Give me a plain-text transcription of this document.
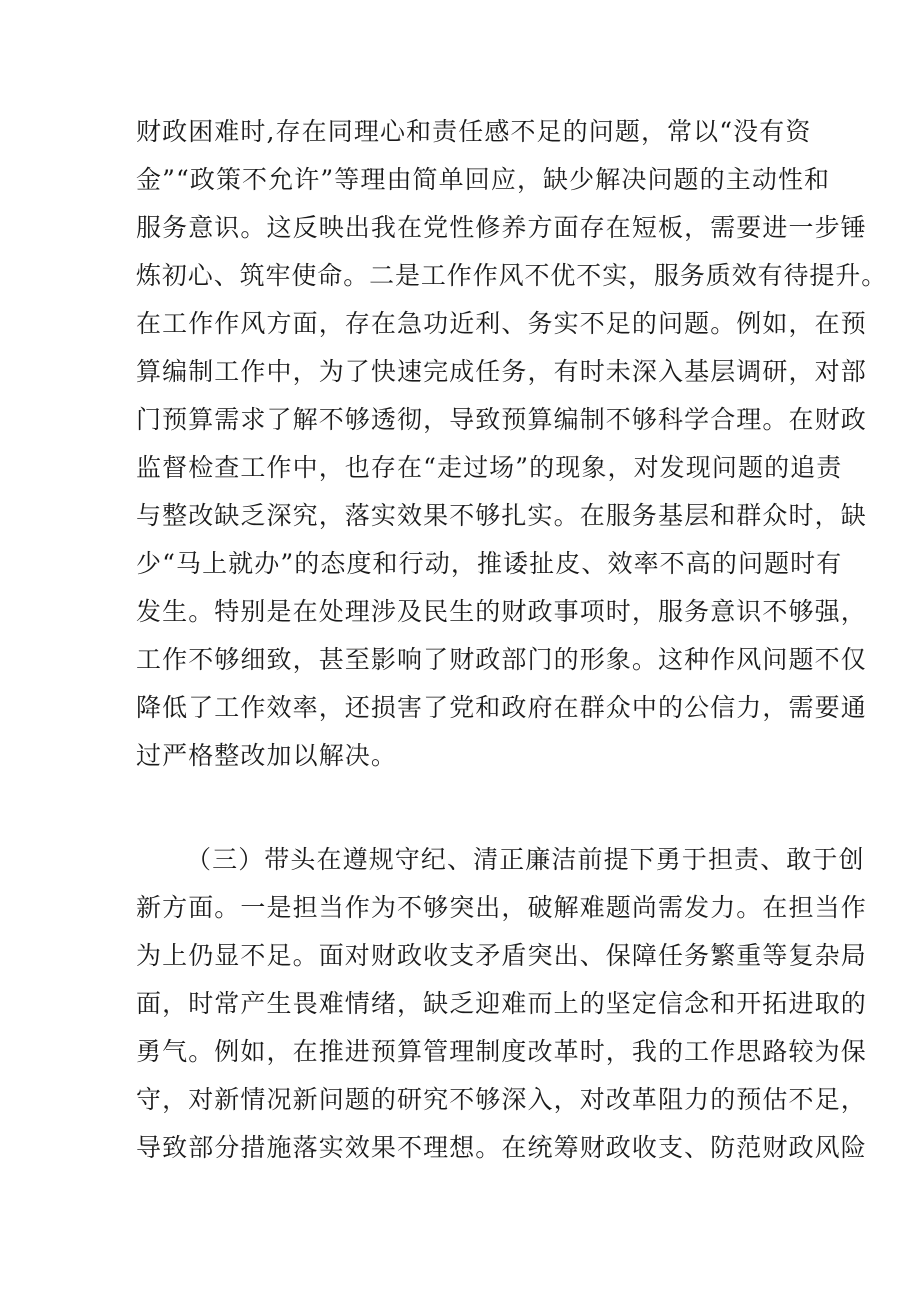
财政困难时,存在同理心和责任感不足的问题，常以“没有资
金”“政策不允许”等理由简单回应，缺少解决问题的主动性和
服务意识。这反映出我在党性修养方面存在短板，需要进一步锤
炼初心、筑牢使命。二是工作作风不优不实，服务质效有待提升。
在工作作风方面，存在急功近利、务实不足的问题。例如，在预
算编制工作中，为了快速完成任务，有时未深入基层调研，对部
门预算需求了解不够透彻，导致预算编制不够科学合理。在财政
监督检查工作中，也存在“走过场”的现象，对发现问题的追责
与整改缺乏深究，落实效果不够扎实。在服务基层和群众时，缺
少“马上就办”的态度和行动，推诿扯皮、效率不高的问题时有
发生。特别是在处理涉及民生的财政事项时，服务意识不够强，
工作不够细致，甚至影响了财政部门的形象。这种作风问题不仅
降低了工作效率，还损害了党和政府在群众中的公信力，需要通
过严格整改加以解决。
（三）带头在遵规守纪、清正廉洁前提下勇于担责、敢于创
新方面。一是担当作为不够突出，破解难题尚需发力。在担当作
为上仍显不足。面对财政收支矛盾突出、保障任务繁重等复杂局
面，时常产生畏难情绪，缺乏迎难而上的坚定信念和开拓进取的
勇气。例如，在推进预算管理制度改革时，我的工作思路较为保
守，对新情况新问题的研究不够深入，对改革阻力的预估不足，
导致部分措施落实效果不理想。在统筹财政收支、防范财政风险
